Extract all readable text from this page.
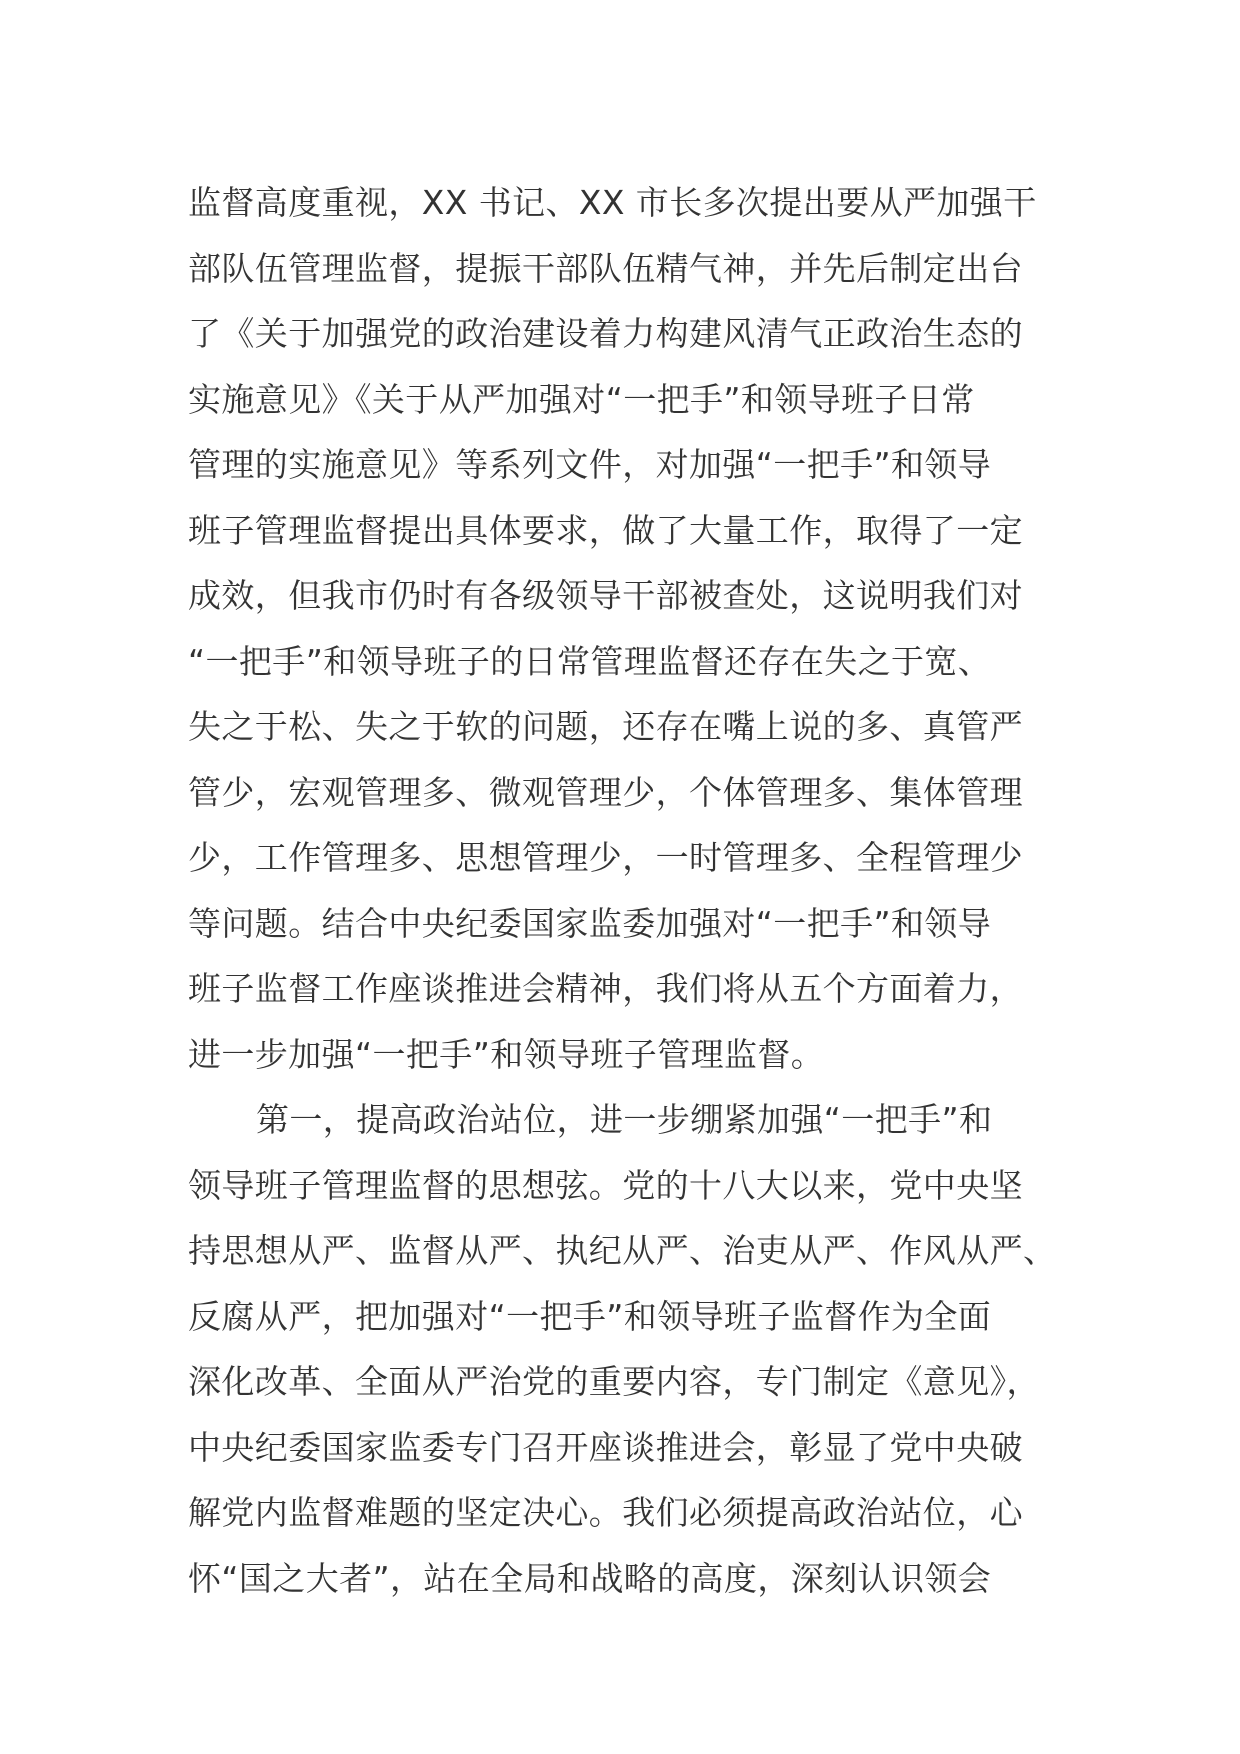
监督高度重视，XX 书记、XX 市长多次提出要从严加强干
部队伍管理监督，提振干部队伍精气神，并先后制定出台
了《关于加强党的政治建设着力构建风清气正政治生态的
实施意见》《关于从严加强对“一把手”和领导班子日常
管理的实施意见》等系列文件，对加强“一把手”和领导
班子管理监督提出具体要求，做了大量工作，取得了一定
成效，但我市仍时有各级领导干部被查处，这说明我们对
“一把手”和领导班子的日常管理监督还存在失之于宽、
失之于松、失之于软的问题，还存在嘴上说的多、真管严
管少，宏观管理多、微观管理少，个体管理多、集体管理
少，工作管理多、思想管理少，一时管理多、全程管理少
等问题。结合中央纪委国家监委加强对“一把手”和领导
班子监督工作座谈推进会精神，我们将从五个方面着力，
进一步加强“一把手”和领导班子管理监督。
第一，提高政治站位，进一步绷紧加强“一把手”和
领导班子管理监督的思想弦。党的十八大以来，党中央坚
持思想从严、监督从严、执纪从严、治吏从严、作风从严、
反腐从严，把加强对“一把手”和领导班子监督作为全面
深化改革、全面从严治党的重要内容，专门制定《意见》，
中央纪委国家监委专门召开座谈推进会，彰显了党中央破
解党内监督难题的坚定决心。我们必须提高政治站位，心
怀“国之大者”，站在全局和战略的高度，深刻认识领会
